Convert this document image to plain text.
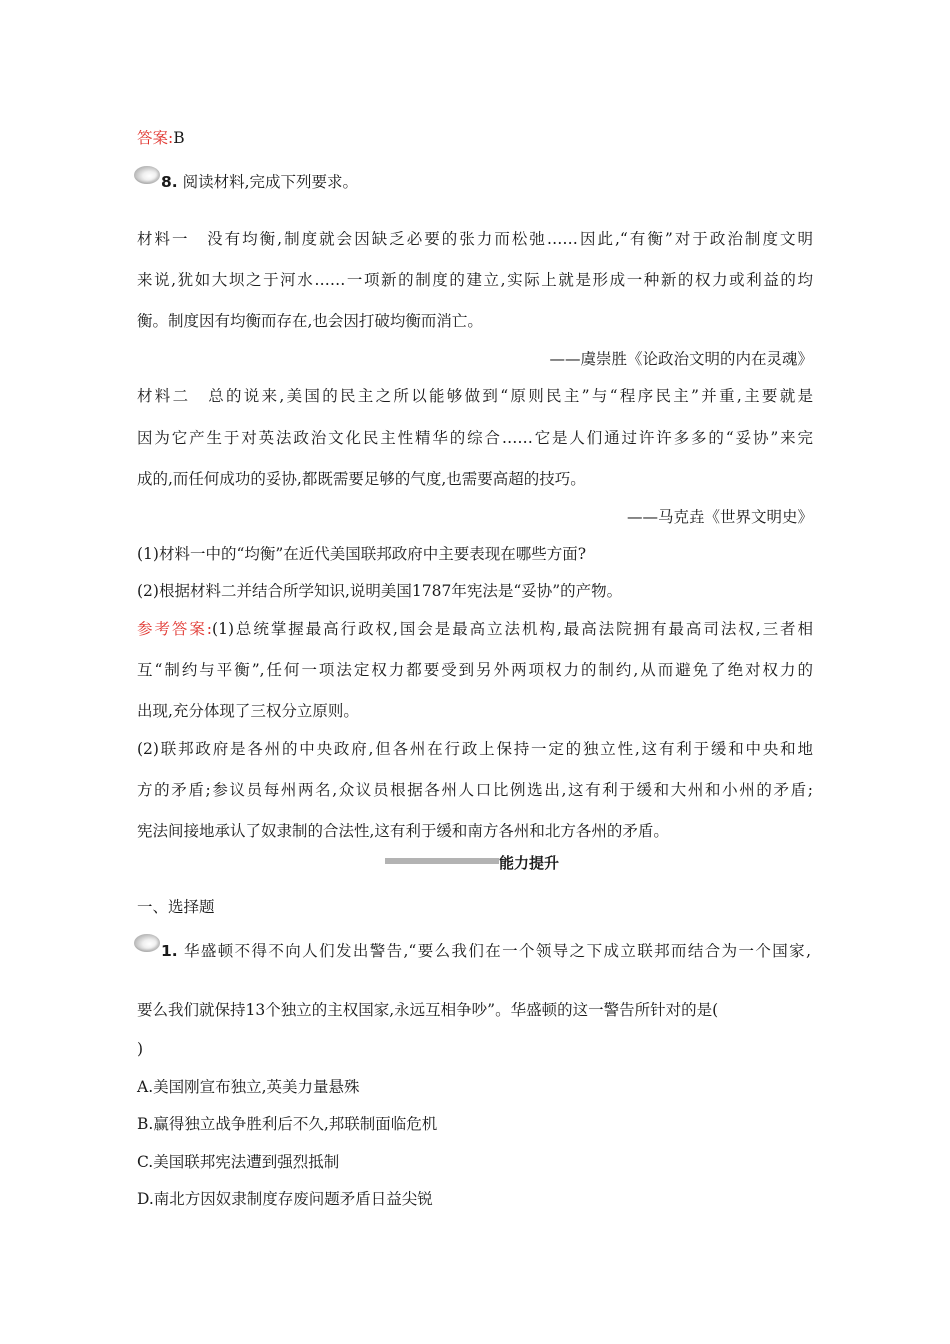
答案:B
8. 阅读材料,完成下列要求。
材料一　没有均衡,制度就会因缺乏必要的张力而松弛……因此,“有衡”对于政治制度文明
来说,犹如大坝之于河水……一项新的制度的建立,实际上就是形成一种新的权力或利益的均
衡。制度因有均衡而存在,也会因打破均衡而消亡。
——虞崇胜《论政治文明的内在灵魂》
材料二　总的说来,美国的民主之所以能够做到“原则民主”与“程序民主”并重,主要就是
因为它产生于对英法政治文化民主性精华的综合……它是人们通过许许多多的“妥协”来完
成的,而任何成功的妥协,都既需要足够的气度,也需要高超的技巧。
——马克垚《世界文明史》
(1)材料一中的“均衡”在近代美国联邦政府中主要表现在哪些方面?
(2)根据材料二并结合所学知识,说明美国1787年宪法是“妥协”的产物。
参考答案:(1)总统掌握最高行政权,国会是最高立法机构,最高法院拥有最高司法权,三者相
互“制约与平衡”,任何一项法定权力都要受到另外两项权力的制约,从而避免了绝对权力的
出现,充分体现了三权分立原则。
(2)联邦政府是各州的中央政府,但各州在行政上保持一定的独立性,这有利于缓和中央和地
方的矛盾;参议员每州两名,众议员根据各州人口比例选出,这有利于缓和大州和小州的矛盾;
宪法间接地承认了奴隶制的合法性,这有利于缓和南方各州和北方各州的矛盾。
能力提升
一、选择题
1. 华盛顿不得不向人们发出警告,“要么我们在一个领导之下成立联邦而结合为一个国家,
要么我们就保持13个独立的主权国家,永远互相争吵”。华盛顿的这一警告所针对的是(
)
A.美国刚宣布独立,英美力量悬殊
B.赢得独立战争胜利后不久,邦联制面临危机
C.美国联邦宪法遭到强烈抵制
D.南北方因奴隶制度存废问题矛盾日益尖锐
